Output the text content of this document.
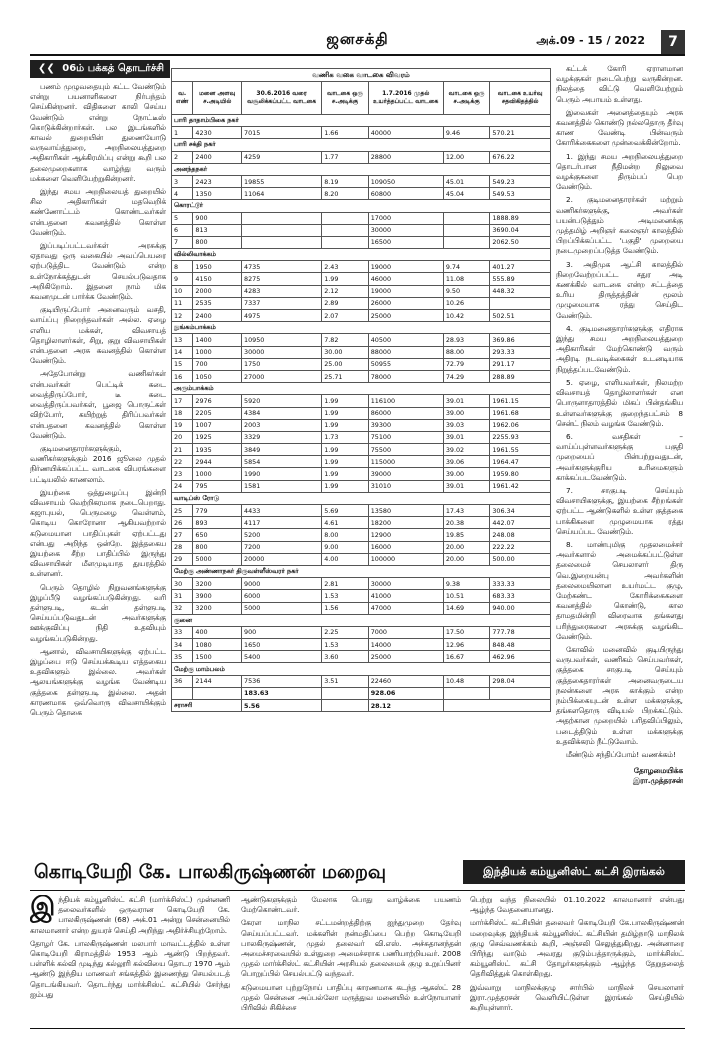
ஜனசக்தி	அக்.09 - 15 / 2022	7
❮❮ 06ம் பக்கத் தொடர்ச்சி

பணம் முழுவதையும் கட்ட வேண்டும் என்று பயனாளிகளை நிர்பந்தம் செய்கின்றனர். விதிகளை காலி செய்ய வேண்டும் என்று நோட்டீஸ் கொடுக்கின்றார்கள். பல இடங்களில் காவல் துறையின் துணையோடு வருவாய்த்துறை, அறநிலையத்துறை அதிகாரிகள் ஆக்கிரமிப்பு என்று கூறி பல தலைமுறைகளாக வாழ்ந்து வரும் மக்களை வெளியேற்றுகின்றனர்.

இந்து சமய அறநிலையத் துறையில் சில அதிகாரிகள் மதவெறிக் கண்ணோட்டம் கொண்டவர்கள் என்பதனை கவனத்தில் கொள்ள வேண்டும்.

இப்படிப்பட்டவர்கள் அரசுக்கு ஏதாவது ஒரு வகையில் அவப்பெயரை ஏற்படுத்திட வேண்டும் என்ற உள்நோக்கத்துடன் செயல்படுவதாக அறிகிறோம். இதனை நாம் மிக கவனமுடன் பார்க்க வேண்டும்.

குடியிருப்போர் அனைவரும் வசதி, வாய்ப்பு நிறைந்தவர்கள் அல்ல. ஏழை எளிய மக்கள், விவசாயத் தொழிலாளர்கள், சிறு, குறு விவசாயிகள் என்பதனை அரசு கவனத்தில் கொள்ள வேண்டும்.

அதேபோன்று வணிகர்கள் என்பவர்கள் பெட்டிக் கடை வைத்திருப்போர், டீ கடை வைத்திருப்பவர்கள், பூஜை பொருட்கள் விற்போர், கயிற்றுத் திரிப்பவர்கள் என்பதனை கவனத்தில் கொள்ள வேண்டும்.

குடிமனைதாரர்களுக்கும், வணிகர்களுக்கும் 2016 ஜூலை முதல் நிர்ணயிக்கப்பட்ட வாடகை விபரங்களை பட்டியலில் காணலாம்.

இயற்கை ஒத்துழைப்பு இன்றி விவசாயம் வெற்றிகரமாக நடைபெறாது. கஜாபுயல், பெருமழை வெள்ளம், கொடிய கொரோனா ஆகியவற்றால் கடுமையான பாதிப்புகள் ஏற்பட்டது என்பது அறிந்த ஒன்றே. இத்தகைய இயற்கை சீற்ற பாதிப்பில் இருந்து விவசாயிகள் மீளமுடியாத துயரத்தில் உள்ளனர்.

பெரும் தொழில் நிறுவனங்களுக்கு இழப்பீடு வழங்கப்படுகின்றது. வரி தள்ளுபடி, கடன் தள்ளுபடி செய்யப்படுவதுடன் அவர்களுக்கு ஊக்குவிப்பு நிதி உதவியும் வழங்கப்படுகின்றது.

ஆனால், விவசாயிகளுக்கு ஏற்பட்ட இழப்பை ஈடு செய்யக்கூடிய எத்தகைய உதவிகளும் இல்லை. அவர்கள் ஆலயங்களுக்கு வழங்க வேண்டிய குத்தகை தள்ளுபடி இல்லை. அதன் காரணமாக ஒவ்வொரு விவசாயிக்கும் பெரும் தொகை

வணிக வகை வாடகை விவரம்						
வ. எண்	மனை அளவு ச.அடியில்	30.6.2016 வரை வசூலிக்கப்பட்ட வாடகை	வாடகை ஒரு ச.அடிக்கு	1.7.2016 முதல் உயர்த்தப்பட்ட வாடகை	வாடகை ஒரு ச.அடிக்கு	வாடகை உயர்வு சதவிகிதத்தில்
பாரி தாதாம்பிகை நகர்						
1	4230	7015	1.66	40000	9.46	570.21
பாரி சக்தி நகர்						
2	2400	4259	1.77	28800	12.00	676.22
அனந்தநகர்						
3	2423	19855	8.19	109050	45.01	549.23
4	1350	11064	8.20	60800	45.04	549.53
கொரட்டூர்						
5	900			17000		1888.89
6	813			30000		3690.04
7	800			16500		2062.50
வில்லிவாக்கம்						
8	1950	4735	2.43	19000	9.74	401.27
9	4150	8275	1.99	46000	11.08	555.89
10	2000	4283	2.12	19000	9.50	448.32
11	2535	7337	2.89	26000	10.26	
12	2400	4975	2.07	25000	10.42	502.51
நுங்கம்பாக்கம்						
13	1400	10950	7.82	40500	28.93	369.86
14	1000	30000	30.00	88000	88.00	293.33
15	700	1750	25.00	50955	72.79	291.17
16	1050	27000	25.71	78000	74.29	288.89
அரும்பாக்கம்						
17	2976	5920	1.99	116100	39.01	1961.15
18	2205	4384	1.99	86000	39.00	1961.68
19	1007	2003	1.99	39300	39.03	1962.06
20	1925	3329	1.73	75100	39.01	2255.93
21	1935	3849	1.99	75500	39.02	1961.55
22	2944	5854	1.99	115000	39.06	1964.47
23	1000	1990	1.99	39000	39.00	1959.80
24	795	1581	1.99	31010	39.01	1961.42
வாடிப்ஸ் ரோடு						
25	779	4433	5.69	13580	17.43	306.34
26	893	4117	4.61	18200	20.38	442.07
27	650	5200	8.00	12900	19.85	248.08
28	800	7200	9.00	16000	20.00	222.22
29	5000	20000	4.00	100000	20.00	500.00
மேற்கு அண்ணாநகர் திருவள்ளீஸ்வரர் நகர்						
30	3200	9000	2.81	30000	9.38	333.33
31	3900	6000	1.53	41000	10.51	683.33
32	3200	5000	1.56	47000	14.69	940.00
குனை						
33	400	900	2.25	7000	17.50	777.78
34	1080	1650	1.53	14000	12.96	848.48
35	1500	5400	3.60	25000	16.67	462.96
மேற்கு மாம்பலம்						
36	2144	7536	3.51	22460	10.48	298.04
		183.63		928.06		
சராசரி		5.56		28.12		

கட்டக் கோரி ஏராளமான வழக்குகள் நடைபெற்று வருகின்றன. நிலத்தை விட்டு வெளியேற்றும் பெரும் அபாயம் உள்ளது.

இவைகள் அனைத்தையும் அரசு கவனத்தில் கொண்டு நல்லதொரு தீர்வு காண வேண்டி பின்வரும் கோரிக்கைகளை முன்வைக்கின்றோம்.

1. இந்து சமய அறநிலையத்துறை தொடர்பான நீதிமன்ற நிலுவை வழக்குகளை திரும்பப் பெற வேண்டும்.

2. குடிமனைதாரர்கள் மற்றும் வணிகர்களுக்கு, அவர்கள் பயன்படுத்தும் அடிமனைக்கு முத்தமிழ் அறிஞர் கலைஞர் காலத்தில் பிறப்பிக்கப்பட்ட 'பகுதி' முறையை நடைமுறைப்படுத்த வேண்டும்.

3. அதிமுக ஆட்சி காலத்தில் நிறைவேற்றப்பட்ட சதுர அடி கணக்கில் வாடகை என்ற சட்டத்தை உரிய திருத்தத்தின் மூலம் முழுமையாக ரத்து செய்திட வேண்டும்.

4. குடிமனைதாரர்களுக்கு எதிராக இந்து சமய அறநிலையத்துறை அதிகாரிகள் மேற்கொண்டு வரும் அதிரடி நடவடிக்கைகள் உடனடியாக நிறுத்தப்படவேண்டும்.

5. ஏழை, எளியவர்கள், நிலமற்ற விவசாயத் தொழிலாளர்கள் என பொருளாதாரத்தில் மிகப் பின்தங்கிய உள்ளவர்களுக்கு குறைந்தபட்சம் 8 சென்ட் நிலம் வழங்க வேண்டும்.

6. வசதிகள் – வாய்ப்புள்ளவர்களுக்கு பகுதி முறையைப் பின்பற்றுவதுடன், அவர்களுக்குரிய உரிமைகளும் காக்கப்படவேண்டும்.

7. சாகுபடி செய்யும் விவசாயிகளுக்கு, இயற்கை சீற்றங்கள் ஏற்பட்ட ஆண்டுகளில் உள்ள குத்தகை பாக்கிகளை முழுமையாக ரத்து செய்யப்பட வேண்டும்.

8. மாண்புமிகு முதலமைச்சர் அவர்களால் அமைக்கப்பட்டுள்ள தலைமைச் செயலாளர் திரு வெ.இறையன்பு அவர்களின் தலைமையிலான உயர்மட்ட குழு, மேற்கண்ட கோரிக்கைகளை கவனத்தில் கொண்டு, கால தாமதமின்றி விரைவாக தங்களது பரிந்துரைகளை அரசுக்கு வழங்கிட வேண்டும்.

கோவில் மனைவில் குடியிருந்து வருபவர்கள், வணிகம் செய்பவர்கள், குத்தகை சாகுபடி செய்யும் குத்தகைதாரர்கள் அனைவருடைய நலன்களை அரசு காக்கும் என்ற நம்பிக்கையுடன் உள்ள மக்களுக்கு, தங்களதொரு விடியல் பிறக்கட்டும். அதற்கான முறையில் பரிதவிப்பிலும், படைத்திடும் உள்ள மக்களுக்கு உதவிக்கரம் நீட்டுவோம்.

மீண்டும் சந்திப்போம்! வணக்கம்!

தோழமையிக்க
இரா.முத்தரசன்
கொடியேறி கே. பாலகிருஷ்ணன் மறைவு	இந்தியக் கம்யூனிஸ்ட் கட்சி இரங்கல்

இந்தியக் கம்யூனிஸ்ட் கட்சி (மார்க்சிஸ்ட்) முன்னணி தலைவர்களில் ஒருவரான கொடியேறி கே. பாலகிருஷ்ணன் (68) அக்.01 அன்று சென்னையில் காலமானார் என்ற துயரச் செய்தி அறிந்து அதிர்ச்சியுற்றோம்.

தோழர் கே. பாலகிருஷ்ணன் மலபார் மாவட்டத்தில் உள்ள கொடியேறி கிராமத்தில் 1953 ஆம் ஆண்டு பிறந்தவர். பள்ளிக் கல்வி முடிந்து கல்லூரி கல்வியை தொடர 1970 ஆம் ஆண்டு இந்திய மாணவர் சங்கத்தில் இணைந்து செயல்படத் தொடங்கியவர். தொடர்ந்து மார்க்சிஸ்ட் கட்சியில் சேர்ந்து ஐம்பது

ஆண்டுகளுக்கும் மேலாக பொது வாழ்க்கை பயணம் மேற்கொண்டவர்.

கேரள மாநில சட்டமன்றத்திற்கு ஐந்துமுறை தேர்வு செய்யப்பட்டவர். மக்களின் நன்மதிப்பை பெற்ற கொடியேறி பாலகிருஷ்ணன், முதல் தலைவர் வி.எஸ். அச்சுதானந்தன் அமைச்சரவையில் உள்துறை அமைச்சராக பணியாற்றியவர். 2008 முதல் மார்க்சிஸ்ட் கட்சியின் அரசியல் தலைமைக் குழு உறுப்பினர் பொறுப்பில் செயல்பட்டு வந்தவர்.

கடுமையான புற்றுநோய் பாதிப்பு காரணமாக கடந்த ஆகஸ்ட் 28 முதல் சென்னை அப்பல்லோ மருத்துவ மனையில் உள்நோயாளர் பிரிவில் சிகிச்சை

பெற்று வந்த நிலையில் 01.10.2022 காலமானார் என்பது ஆழ்ந்த வேதனையானது.

மார்க்சிஸ்ட் கட்சியின் தலைவர் கொடியேறி கே.பாலகிருஷ்ணன் மறைவுக்கு இந்தியக் கம்யூனிஸ்ட் கட்சியின் தமிழ்நாடு மாநிலக் குழு செவ்வணக்கம் கூறி, அஞ்சலி செலுத்துகிறது. அன்னாரை பிரிந்து வாடும் அவரது குடும்பத்தாருக்கும், மார்க்சிஸ்ட் கம்யூனிஸ்ட் கட்சி தோழர்களுக்கும் ஆழ்ந்த தேறுதலைத் தெரிவித்துக் கொள்கிறது.

இவ்வாறு மாநிலக்குழு சார்பில் மாநிலச் செயலாளர் இரா.முத்தரசன் வெளியிட்டுள்ள இரங்கல் செய்தியில் கூறியுள்ளார்.
